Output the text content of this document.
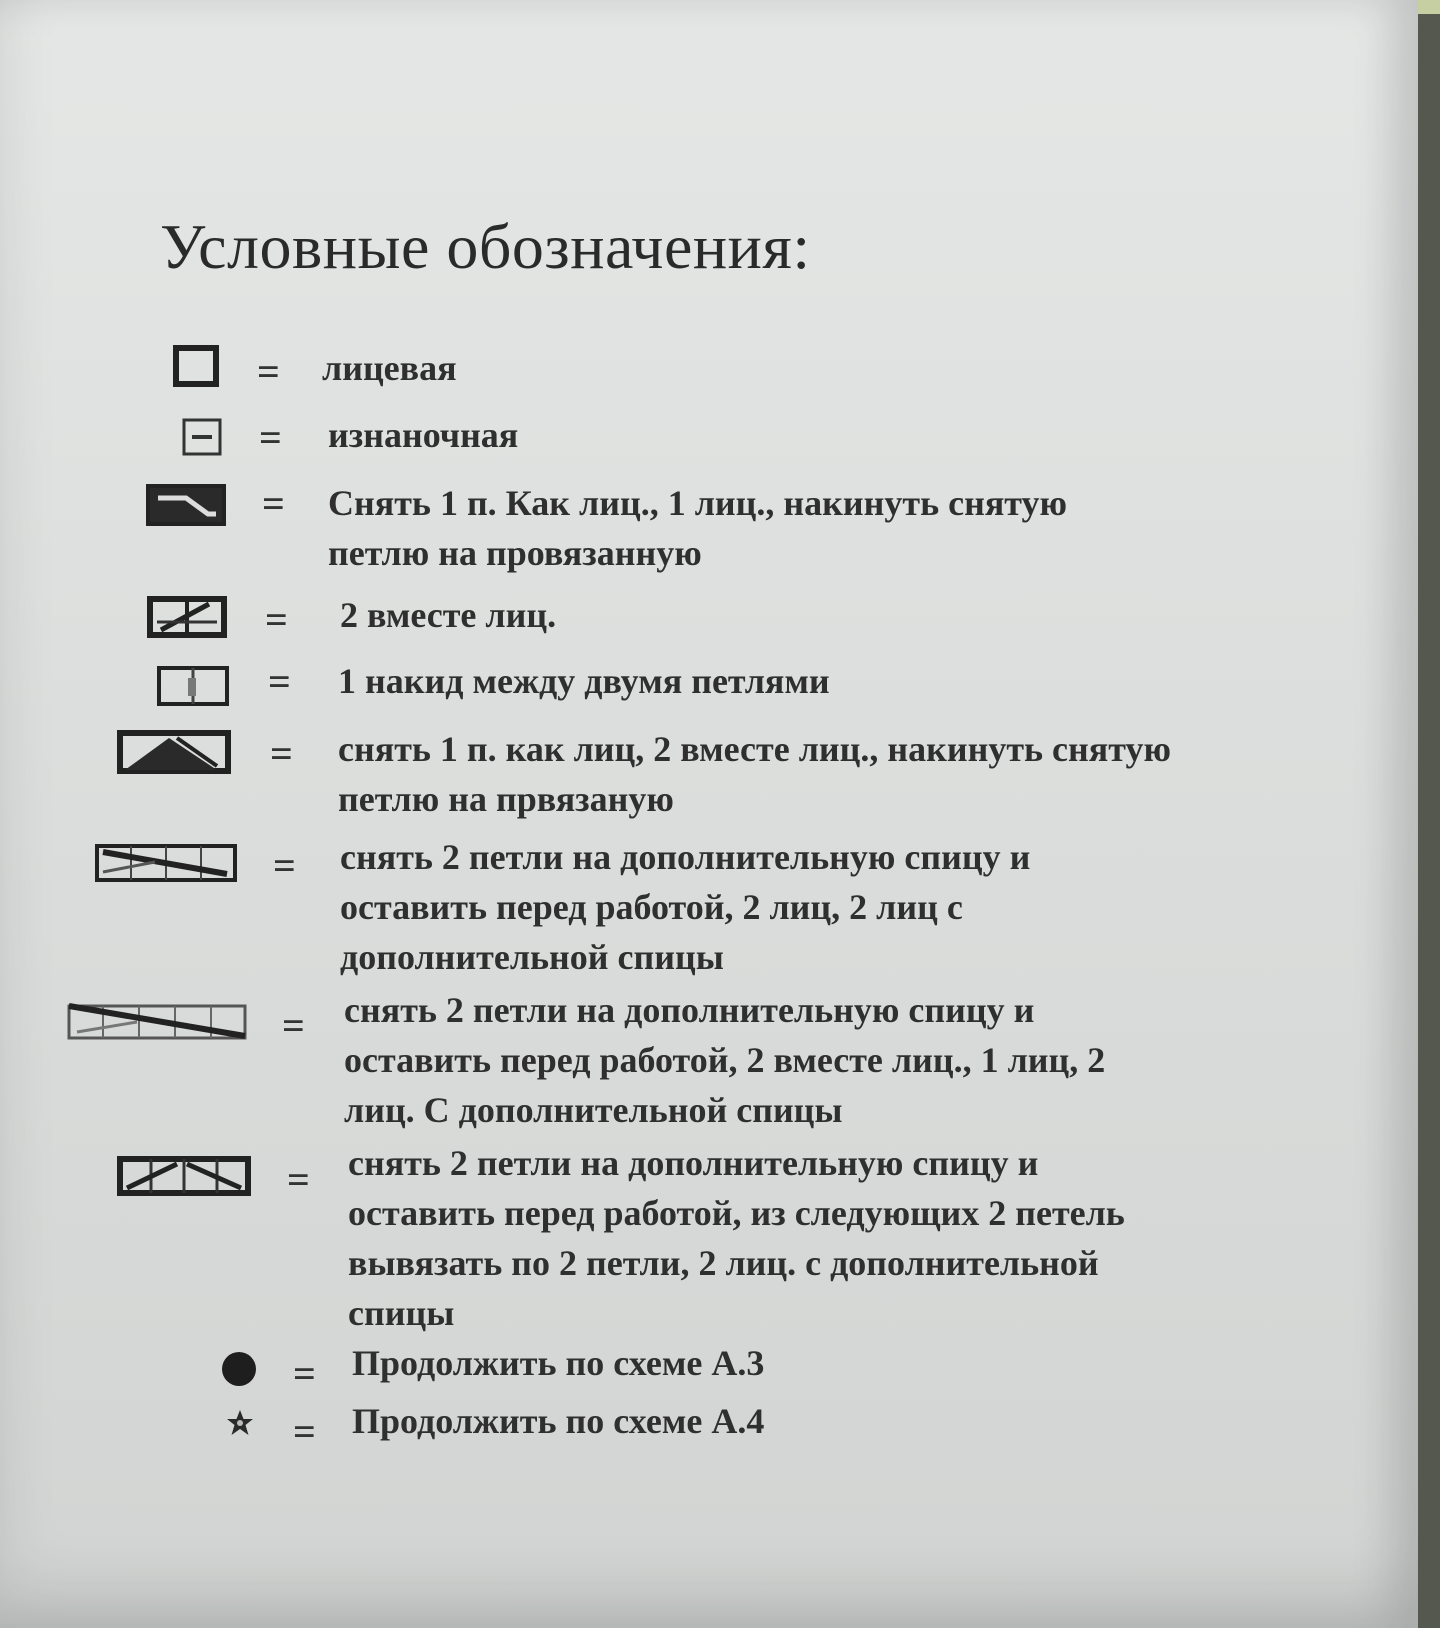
Условные обозначения:
= лицевая
= изнаночная
= Снять 1 п. Как лиц., 1 лиц., накинуть снятую
петлю на провязанную
= 2 вместе лиц.
= 1 накид между двумя петлями
= снять 1 п. как лиц, 2 вместе лиц., накинуть снятую
петлю на првязаную
= снять 2 петли на дополнительную спицу и
оставить перед работой, 2 лиц, 2 лиц с
дополнительной спицы
= снять 2 петли на дополнительную спицу и
оставить перед работой, 2 вместе лиц., 1 лиц, 2
лиц. С дополнительной спицы
= снять 2 петли на дополнительную спицу и
оставить перед работой, из следующих 2 петель
вывязать по 2 петли, 2 лиц. с дополнительной
спицы
= Продолжить по схеме А.3
= Продолжить по схеме А.4
